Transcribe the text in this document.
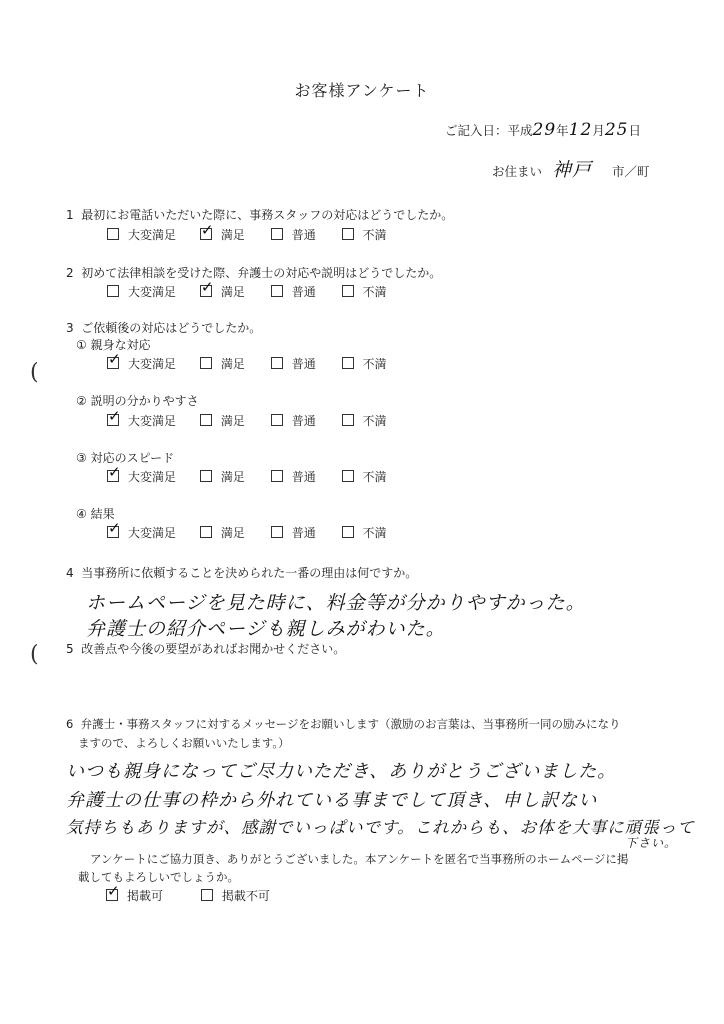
お客様アンケート
ご記入日：平成29年12月25日
お住まい 神戸 市／町
1 最初にお電話いただいた際に、事務スタッフの対応はどうでしたか。
大変満足 ✓ 満足	普通	不満
2 初めて法律相談を受けた際、弁護士の対応や説明はどうでしたか。
大変満足 ✓ 満足	普通	不満
3 ご依頼後の対応はどうでしたか。
(
① 親身な対応
✓ 大変満足	満足	普通	不満
② 説明の分かりやすさ
✓ 大変満足	満足	普通	不満
③ 対応のスピード
✓ 大変満足	満足	普通	不満
④ 結果
✓ 大変満足	満足	普通	不満
4 当事務所に依頼することを決められた一番の理由は何ですか。
ホームページを見た時に、料金等が分かりやすかった。
弁護士の紹介ページも親しみがわいた。
( 5 改善点や今後の要望があればお聞かせください。
6 弁護士・事務スタッフに対するメッセージをお願いします（激励のお言葉は、当事務所一同の励みになり
ますので、よろしくお願いいたします。）
いつも親身になってご尽力いただき、ありがとうございました。
弁護士の仕事の枠から外れている事までして頂き、申し訳ない
気持ちもありますが、感謝でいっぱいです。これからも、お体を大事に頑張って
下さい。
アンケートにご協力頂き、ありがとうございました。本アンケートを匿名で当事務所のホームページに掲
載してもよろしいでしょうか。
✓ 掲載可	掲載不可
